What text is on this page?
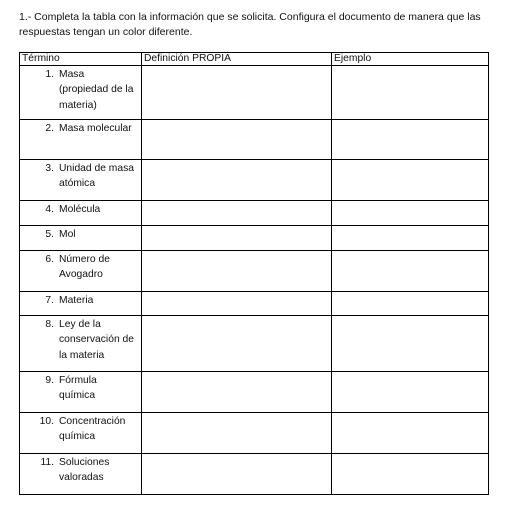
1.- Completa la tabla con la información que se solicita. Configura el documento de manera que las respuestas tengan un color diferente.

Término	Definición PROPIA	Ejemplo

1. Masa (propiedad de la materia)		

2. Masa molecular		

3. Unidad de masa atómica		

4. Molécula		

5. Mol		

6. Número de Avogadro		

7. Materia		

8. Ley de la conservación de la materia		

9. Fórmula química		

10. Concentración química		

11. Soluciones valoradas		
